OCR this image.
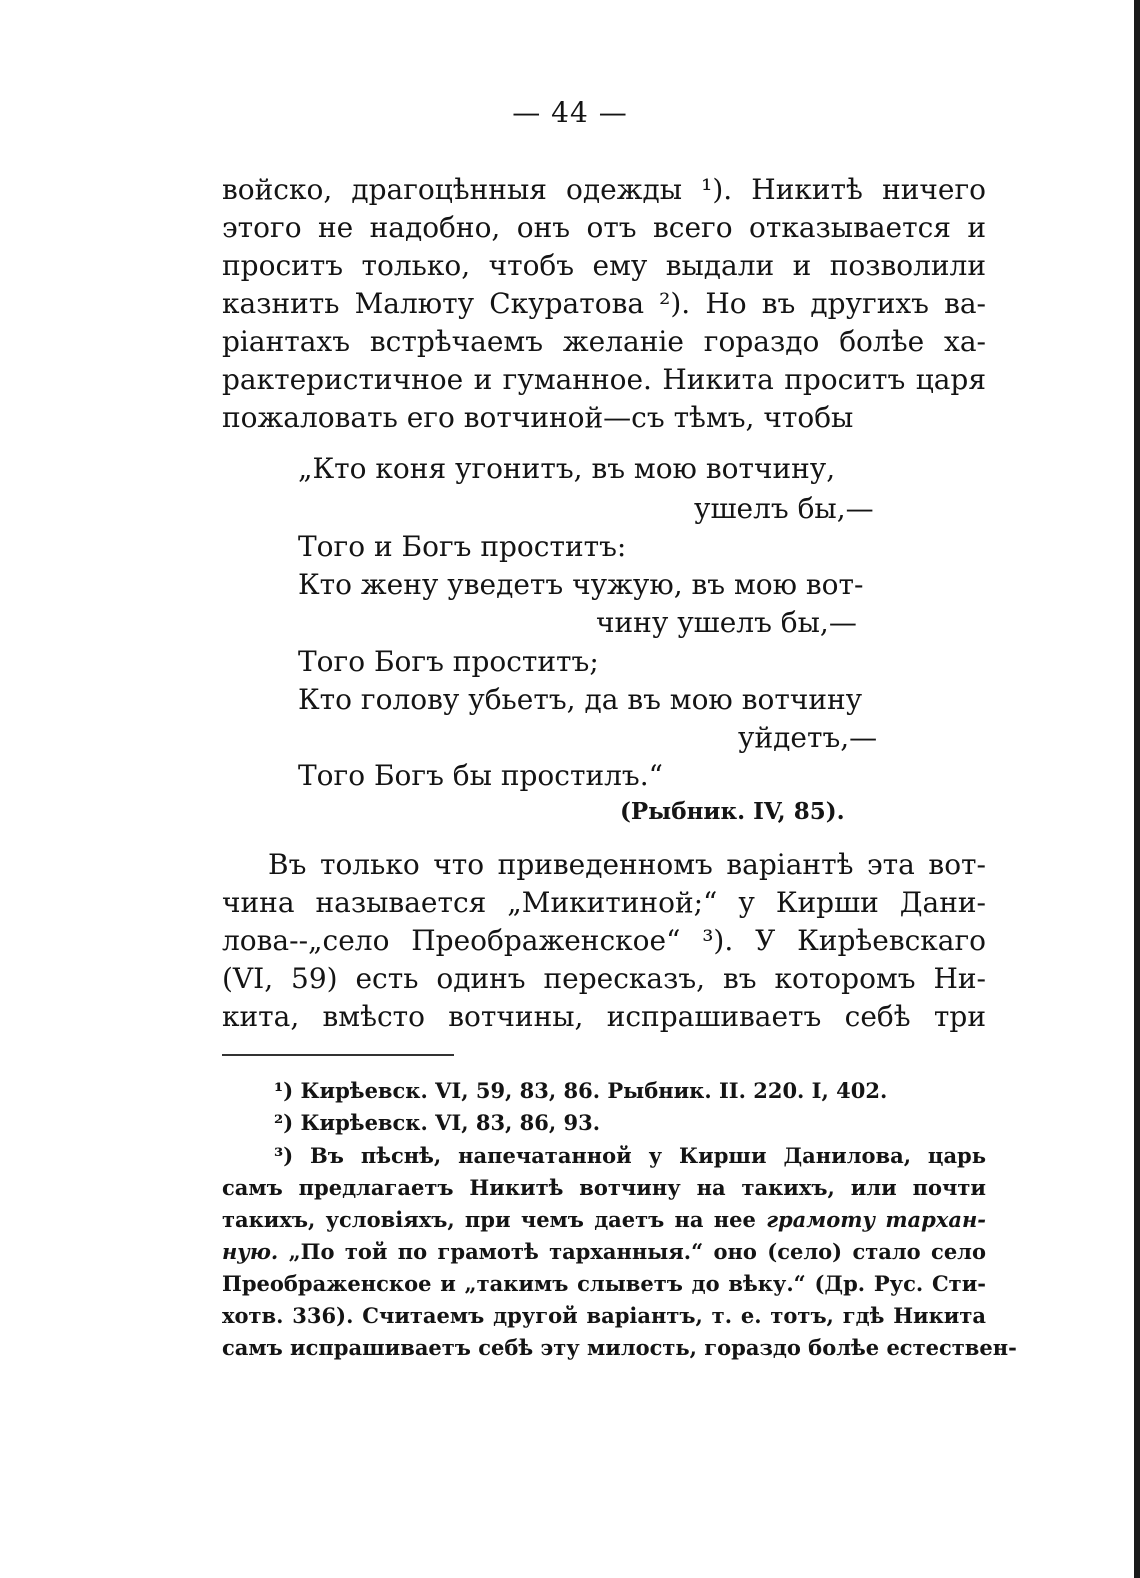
— 44 —
войско, драгоцѣнныя одежды ¹). Никитѣ ничего
этого не надобно, онъ отъ всего отказывается и
проситъ только, чтобъ ему выдали и позволили
казнить Малюту Скуратова ²). Но въ другихъ ва-
ріантахъ встрѣчаемъ желаніе гораздо болѣе ха-
рактеристичное и гуманное. Никита проситъ царя
пожаловать его вотчиной—съ тѣмъ, чтобы
„Кто коня угонитъ, въ мою вотчину,
ушелъ бы,—
Того и Богъ проститъ:
Кто жену уведетъ чужую, въ мою вот-
чину ушелъ бы,—
Того Богъ проститъ;
Кто голову убьетъ, да въ мою вотчину
уйдетъ,—
Того Богъ бы простилъ.“
(Рыбник. IV, 85).
Въ только что приведенномъ варіантѣ эта вот-
чина называется „Микитиной;“ у Кирши Дани-
лова--„село Преображенское“ ³). У Кирѣевскаго
(VI, 59) есть одинъ пересказъ, въ которомъ Ни-
кита, вмѣсто вотчины, испрашиваетъ себѣ три
¹) Кирѣевск. VI, 59, 83, 86. Рыбник. II. 220. I, 402.
²) Кирѣевск. VI, 83, 86, 93.
³) Въ пѣснѣ, напечатанной у Кирши Данилова, царь
самъ предлагаетъ Никитѣ вотчину на такихъ, или почти
такихъ, условіяхъ, при чемъ даетъ на нее грамоту тархан-
ную. „По той по грамотѣ тарханныя.“ оно (село) стало село
Преображенское и „такимъ слыветъ до вѣку.“ (Др. Рус. Сти-
хотв. 336). Считаемъ другой варіантъ, т. е. тотъ, гдѣ Никита
самъ испрашиваетъ себѣ эту милость, гораздо болѣе естествен-
